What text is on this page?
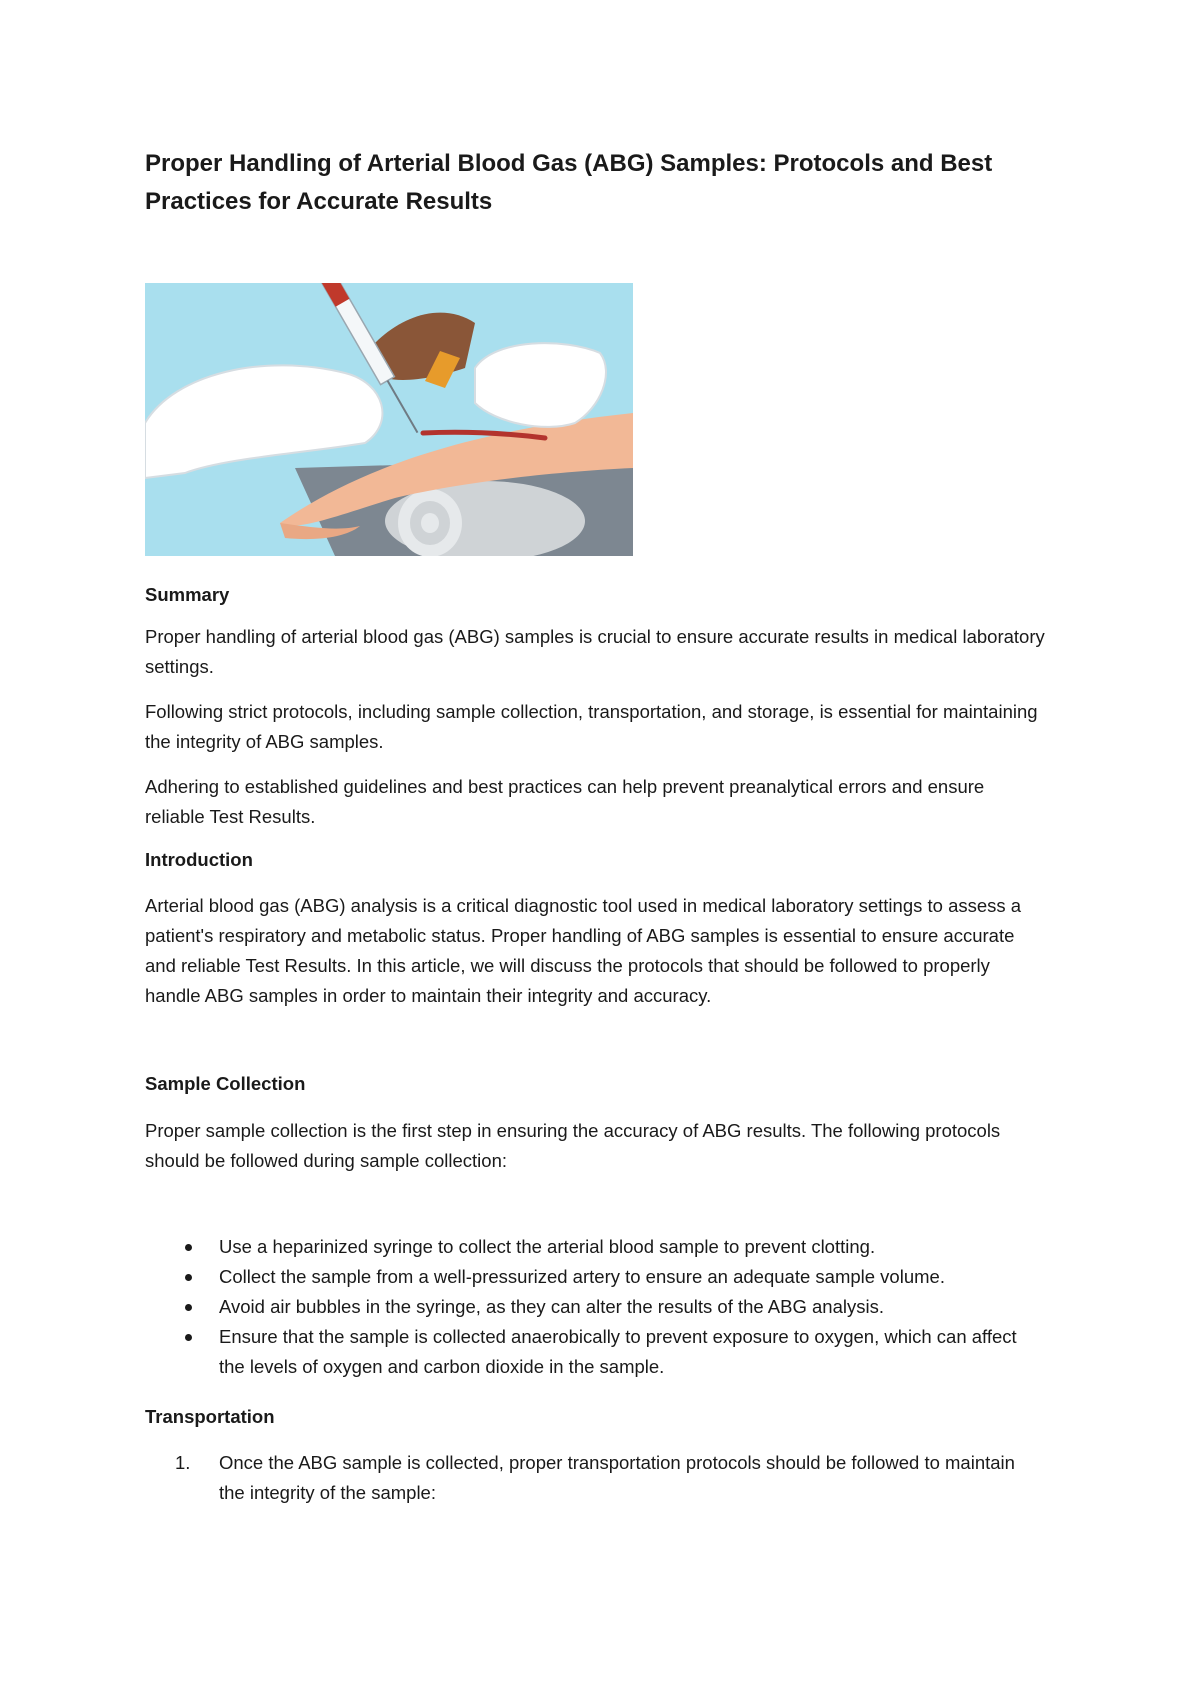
Proper Handling of Arterial Blood Gas (ABG) Samples: Protocols and Best Practices for Accurate Results

Summary

Proper handling of arterial blood gas (ABG) samples is crucial to ensure accurate results in medical laboratory settings.

Following strict protocols, including sample collection, transportation, and storage, is essential for maintaining the integrity of ABG samples.

Adhering to established guidelines and best practices can help prevent preanalytical errors and ensure reliable Test Results.

Introduction

Arterial blood gas (ABG) analysis is a critical diagnostic tool used in medical laboratory settings to assess a patient's respiratory and metabolic status. Proper handling of ABG samples is essential to ensure accurate and reliable Test Results. In this article, we will discuss the protocols that should be followed to properly handle ABG samples in order to maintain their integrity and accuracy.

Sample Collection

Proper sample collection is the first step in ensuring the accuracy of ABG results. The following protocols should be followed during sample collection:

Use a heparinized syringe to collect the arterial blood sample to prevent clotting.
Collect the sample from a well-pressurized artery to ensure an adequate sample volume.
Avoid air bubbles in the syringe, as they can alter the results of the ABG analysis.
Ensure that the sample is collected anaerobically to prevent exposure to oxygen, which can affect the levels of oxygen and carbon dioxide in the sample.

Transportation

1. Once the ABG sample is collected, proper transportation protocols should be followed to maintain the integrity of the sample:
